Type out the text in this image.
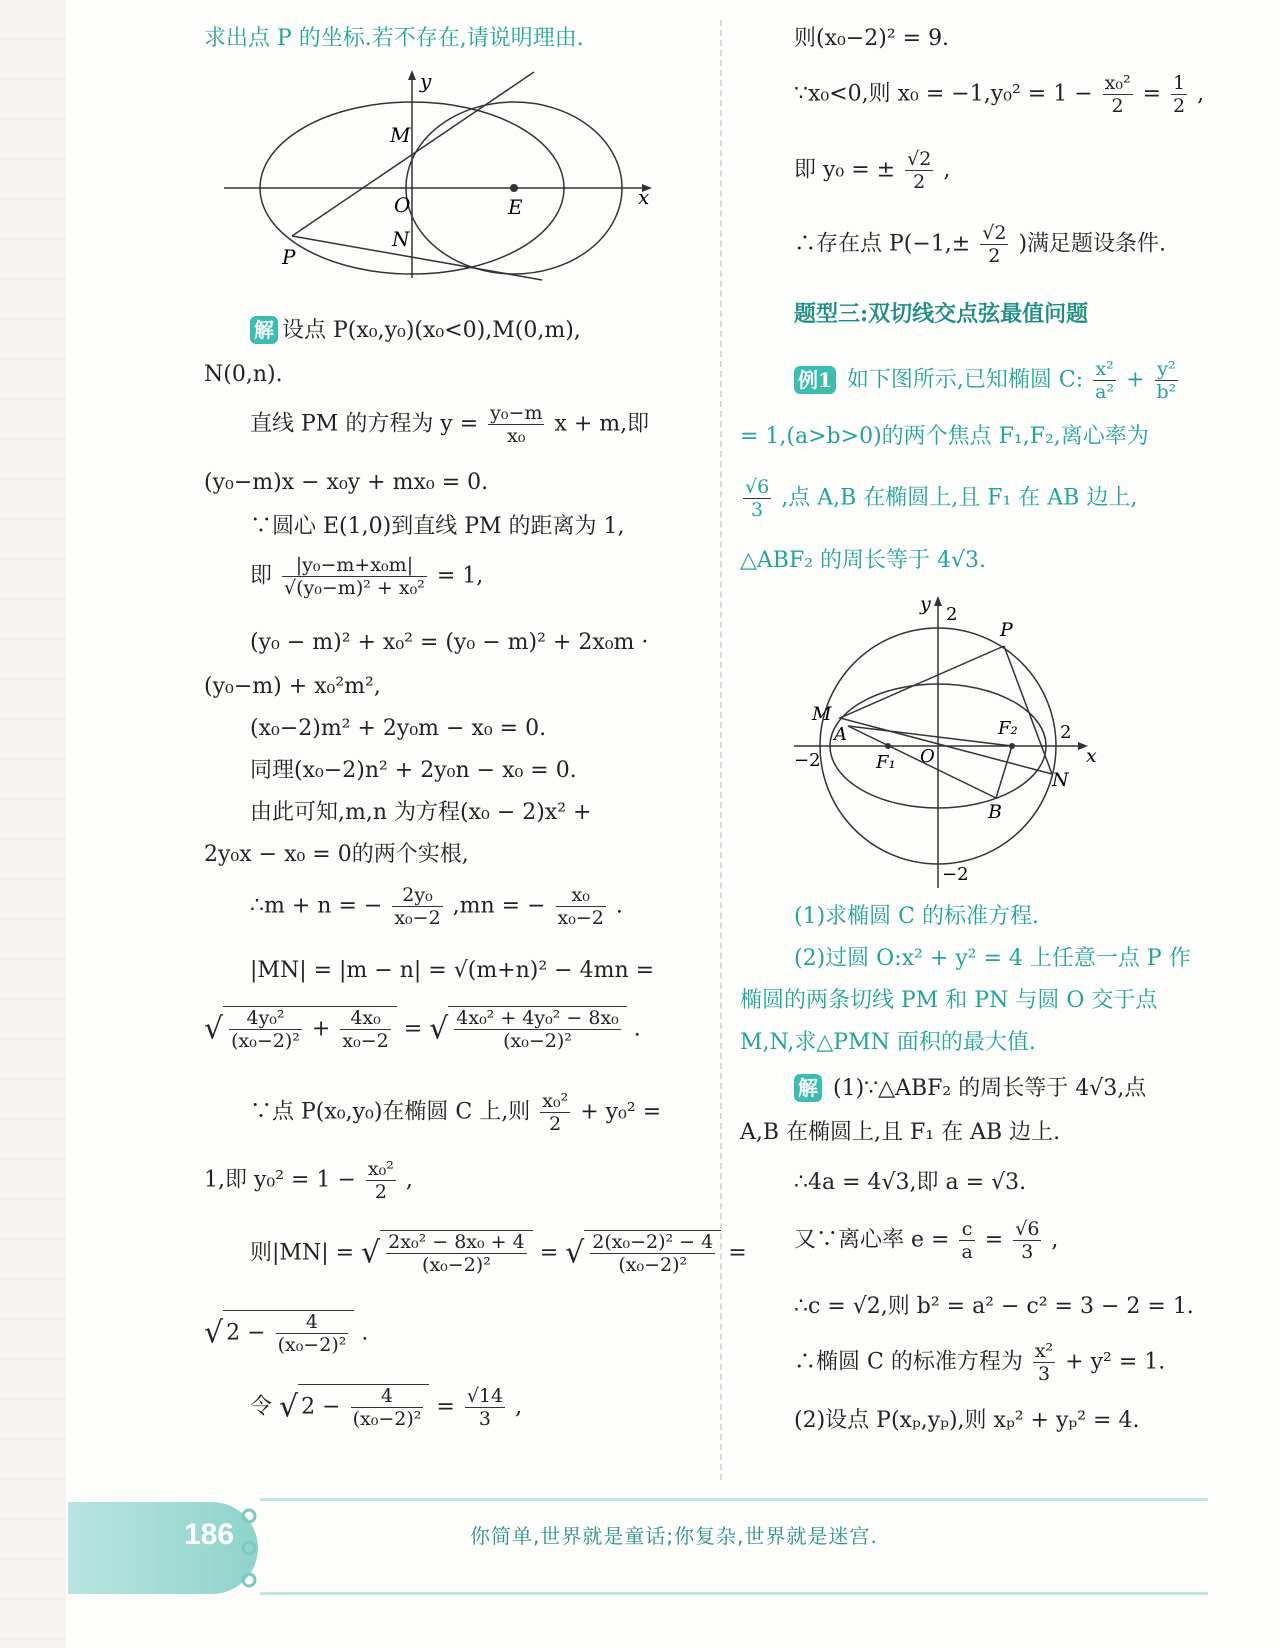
求出点 P 的坐标.若不存在,请说明理由.
y
x
M
O	E
N
P
解 设点 P(x₀,y₀)(x₀<0),M(0,m),
N(0,n).
直线 PM 的方程为 $y = \frac{\text{y₀−m}}{\text{x₀}}$ x + m,即
(y₀−m)x − x₀y + mx₀ = 0.
∵圆心 E(1,0)到直线 PM 的距离为 1,
即 $\frac{\text{|y₀−m+x₀m|}}{\text{√(y₀−m)² + x₀²}} = 1$,
(y₀ − m)² + x₀² = (y₀ − m)² + 2x₀m ·
(y₀−m) + x₀²m²,
(x₀−2)m² + 2y₀m − x₀ = 0.
同理(x₀−2)n² + 2y₀n − x₀ = 0.
由此可知,m,n 为方程(x₀ − 2)x² +
2y₀x − x₀ = 0的两个实根,
∴m + n = − $\frac{\text{2y₀}}{\text{x₀−2}} ,mn$ = − $\frac{\text{x₀}}{\text{x₀−2}}$ .
|MN| = |m − n| = √(m+n)² − 4mn =
√ $\frac{\text{4y₀²}}{\text{(x₀−2)²}} + \frac{\text{4x₀}}{\text{x₀−2}}$ = √ $\frac{\text{4x₀² + 4y₀² − 8x₀}}{\text{(x₀−2)²}}$ .
∵点 P(x₀,y₀)在椭圆 C 上,则 $\frac{\text{x₀²}}{2} + y_0^2$ =
1,即 $y_0^2 = 1 - \frac{\text{x₀²}}{2}$ ,
则|MN| = √ $\frac{\text{2x₀² − 8x₀ + 4}}{\text{(x₀−2)²}}$ = √ $\frac{\text{2(x₀−2)² − 4}}{\text{(x₀−2)²}}$ =
√ $2 - \frac{4}{\text{(x₀−2)²}}$ .
令 √ $2 - \frac{4}{\text{(x₀−2)²}} = \frac{√14}{3}$ ,
则(x₀−2)² = 9.
∵x₀<0,则 $x_0 = -1,y_0^2 = 1 - \frac{\text{x₀²}}{2} = \frac{1}{2}$ ,
即 y₀ = ± $\frac{√2}{2}$ ,
∴存在点 $P(-1,\pm \frac{√2}{2}$ )满足题设条件.
题型三:双切线交点弦最值问题
例1 如下图所示,已知椭圆 C: $\frac{\text{x²}}{\text{a²}} + \frac{\text{y²}}{\text{b²}}$
= 1,(a>b>0)的两个焦点 F₁,F₂,离心率为
$\frac{√6}{3}$ ,点 A,B 在椭圆上,且 F₁ 在 AB 边上,
△ABF₂ 的周长等于 4√3.
y
x
2
2
−2
−2
P
M
A
F₁ O
F₂
N
B
(1)求椭圆 C 的标准方程.
(2)过圆 O:x² + y² = 4 上任意一点 P 作
椭圆的两条切线 PM 和 PN 与圆 O 交于点
M,N,求△PMN 面积的最大值.
解 (1)∵△ABF₂ 的周长等于 4√3,点
A,B 在椭圆上,且 F₁ 在 AB 边上.
∴4a = 4√3,即 a = √3.
又∵离心率 $e = \frac{c}{a} = \frac{√6}{3}$ ,
∴c = √2,则 b² = a² − c² = 3 − 2 = 1.
∴椭圆 C 的标准方程为 $\frac{\text{x²}}{3} + y^2 = 1$.
(2)设点 P(xₚ,yₚ),则 xₚ² + yₚ² = 4.
186	你简单,世界就是童话;你复杂,世界就是迷宫.
